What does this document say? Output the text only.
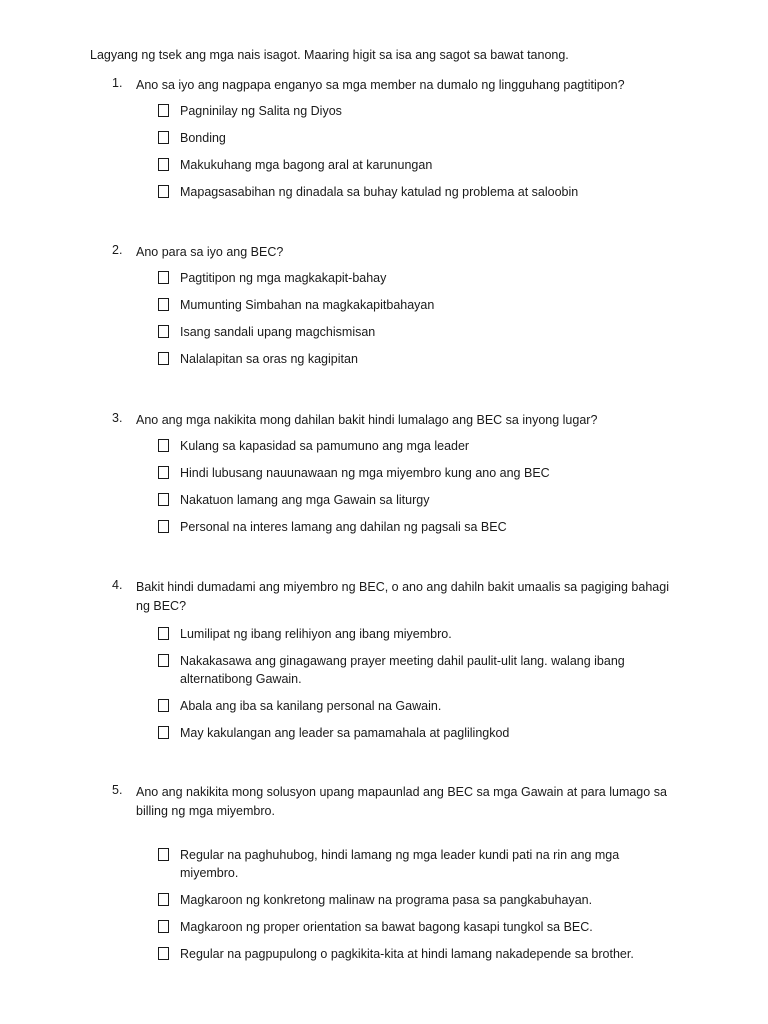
Lagyang ng tsek ang mga nais isagot. Maaring higit sa isa ang sagot sa bawat tanong.
1. Ano sa iyo ang nagpapa enganyo sa mga member na dumalo ng lingguhang pagtitipon?
Pagninilay ng Salita ng Diyos
Bonding
Makukuhang mga bagong aral at karunungan
Mapagsasabihan ng dinadala sa buhay katulad ng problema at saloobin
2. Ano para sa iyo ang BEC?
Pagtitipon ng mga magkakapit-bahay
Mumunting Simbahan na magkakapitbahayan
Isang sandali upang magchismisan
Nalalapitan sa oras ng kagipitan
3. Ano ang mga nakikita mong dahilan bakit hindi lumalago ang BEC sa inyong lugar?
Kulang sa kapasidad sa pamumuno ang mga leader
Hindi lubusang nauunawaan ng mga miyembro kung ano ang BEC
Nakatuon lamang ang mga Gawain sa liturgy
Personal na interes lamang ang dahilan ng pagsali sa BEC
4. Bakit hindi dumadami ang miyembro ng BEC, o ano ang dahiln bakit umaalis sa pagiging bahagi ng BEC?
Lumilipat ng ibang relihiyon ang ibang miyembro.
Nakakasawa ang ginagawang prayer meeting dahil paulit-ulit lang. walang ibang alternatibong Gawain.
Abala ang iba sa kanilang personal na Gawain.
May kakulangan ang leader sa pamamahala at paglilingkod
5. Ano ang nakikita mong solusyon upang mapaunlad ang BEC sa mga Gawain at para lumago sa billing ng mga miyembro.
Regular na paghuhubog, hindi lamang ng mga leader kundi pati na rin ang mga miyembro.
Magkaroon ng konkretong malinaw na programa pasa sa pangkabuhayan.
Magkaroon ng proper orientation sa bawat bagong kasapi tungkol sa BEC.
Regular na pagpupulong o pagkikita-kita at hindi lamang nakadepende sa brother.
